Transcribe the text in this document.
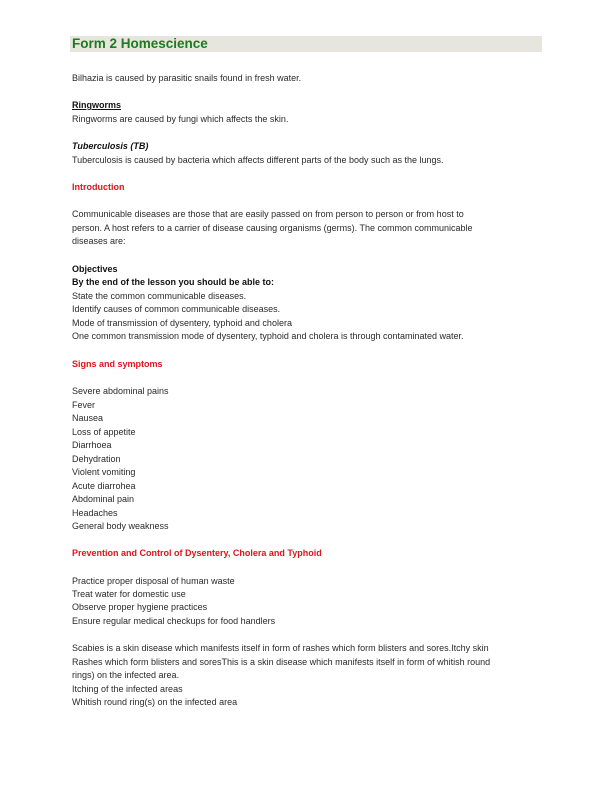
Form 2 Homescience
Bilhazia is caused by parasitic snails found in fresh water.
Ringworms
Ringworms are caused by fungi which affects the skin.
Tuberculosis (TB)
Tuberculosis is caused by bacteria which affects different parts of the body such as the lungs.
Introduction
Communicable diseases are those that are easily passed on from person to person or from host to
person. A host refers to a carrier of disease causing organisms (germs). The common communicable
diseases are:
Objectives
By the end of the lesson you should be able to:
State the common communicable diseases.
Identify causes of common communicable diseases.
Mode of transmission of dysentery, typhoid and cholera
One common transmission mode of dysentery, typhoid and cholera is through contaminated water.
Signs and symptoms
Severe abdominal pains
Fever
Nausea
Loss of appetite
Diarrhoea
Dehydration
Violent vomiting
Acute diarrohea
Abdominal pain
Headaches
General body weakness
Prevention and Control of Dysentery, Cholera and Typhoid
Practice proper disposal of human waste
Treat water for domestic use
Observe proper hygiene practices
Ensure regular medical checkups for food handlers
Scabies is a skin disease which manifests itself in form of rashes which form blisters and sores.Itchy skin
Rashes which form blisters and soresThis is a skin disease which manifests itself in form of whitish round
rings) on the infected area.
Itching of the infected areas
Whitish round ring(s) on the infected area
